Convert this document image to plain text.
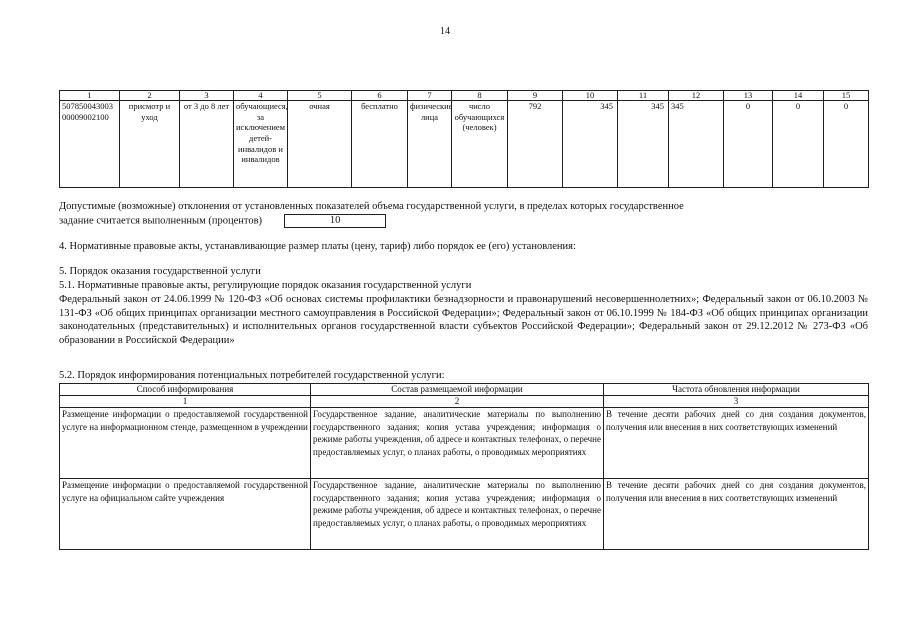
14
1	2	3	4	5	6	7	8	9	10	11	12	13	14	15
507850043003 00009002100	присмотр и уход	от 3 до 8 лет	обучающиеся, за исключением детей-инвалидов и инвалидов	очная	бесплатно	физические лица	число обучающихся (человек)	792	345	345	345	0	0	0
Допустимые (возможные) отклонения от установленных показателей объема государственной услуги, в пределах которых государственное
задание считается выполненным (процентов)	10
4. Нормативные правовые акты, устанавливающие размер платы (цену, тариф) либо порядок ее (его) установления:
5. Порядок оказания государственной услуги
5.1. Нормативные правовые акты, регулирующие порядок оказания государственной услуги
Федеральный закон от 24.06.1999 № 120-ФЗ «Об основах системы профилактики безнадзорности и правонарушений несовершеннолетних»; Федеральный закон от 06.10.2003 № 131-ФЗ «Об общих принципах организации местного самоуправления в Российской Федерации»; Федеральный закон от 06.10.1999 № 184-ФЗ «Об общих принципах организации законодательных (представительных) и исполнительных органов государственной власти субъектов Российской Федерации»; Федеральный закон от 29.12.2012 № 273-ФЗ «Об образовании в Российской Федерации»
5.2. Порядок информирования потенциальных потребителей государственной услуги:
Способ информирования	Состав размещаемой информации	Частота обновления информации
1	2	3
Размещение информации о предоставляемой государственной услуге на информационном стенде, размещенном в учреждении	Государственное задание, аналитические материалы по выполнению государственного задания; копия устава учреждения; информация о режиме работы учреждения, об адресе и контактных телефонах, о перечне предоставляемых услуг, о планах работы, о проводимых мероприятиях	В течение десяти рабочих дней со дня создания документов, получения или внесения в них соответствующих изменений
Размещение информации о предоставляемой государственной услуге на официальном сайте учреждения	Государственное задание, аналитические материалы по выполнению государственного задания; копия устава учреждения; информация о режиме работы учреждения, об адресе и контактных телефонах, о перечне предоставляемых услуг, о планах работы, о проводимых мероприятиях	В течение десяти рабочих дней со дня создания документов, получения или внесения в них соответствующих изменений
